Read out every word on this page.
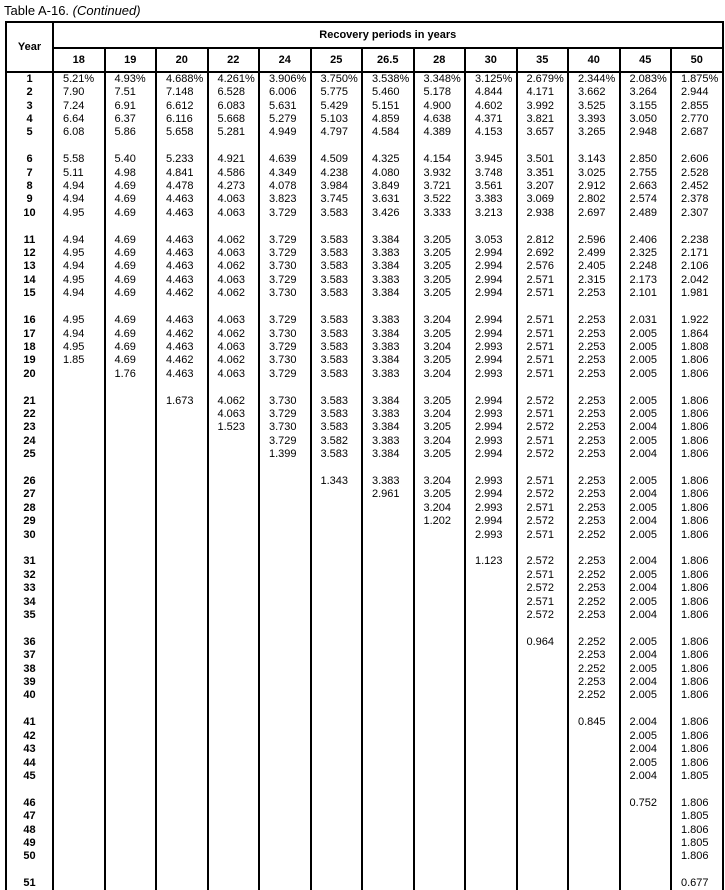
Table A-16. (Continued)
Year	Recovery periods in years												
	18	19	20	22	24	25	26.5	28	30	35	40	45	50
1	5.21%	4.93%	4.688%	4.261%	3.906%	3.750%	3.538%	3.348%	3.125%	2.679%	2.344%	2.083%	1.875%
2	7.90	7.51	7.148	6.528	6.006	5.775	5.460	5.178	4.844	4.171	3.662	3.264	2.944
3	7.24	6.91	6.612	6.083	5.631	5.429	5.151	4.900	4.602	3.992	3.525	3.155	2.855
4	6.64	6.37	6.116	5.668	5.279	5.103	4.859	4.638	4.371	3.821	3.393	3.050	2.770
5	6.08	5.86	5.658	5.281	4.949	4.797	4.584	4.389	4.153	3.657	3.265	2.948	2.687

6	5.58	5.40	5.233	4.921	4.639	4.509	4.325	4.154	3.945	3.501	3.143	2.850	2.606
7	5.11	4.98	4.841	4.586	4.349	4.238	4.080	3.932	3.748	3.351	3.025	2.755	2.528
8	4.94	4.69	4.478	4.273	4.078	3.984	3.849	3.721	3.561	3.207	2.912	2.663	2.452
9	4.94	4.69	4.463	4.063	3.823	3.745	3.631	3.522	3.383	3.069	2.802	2.574	2.378
10	4.95	4.69	4.463	4.063	3.729	3.583	3.426	3.333	3.213	2.938	2.697	2.489	2.307

11	4.94	4.69	4.463	4.062	3.729	3.583	3.384	3.205	3.053	2.812	2.596	2.406	2.238
12	4.95	4.69	4.463	4.063	3.729	3.583	3.383	3.205	2.994	2.692	2.499	2.325	2.171
13	4.94	4.69	4.463	4.062	3.730	3.583	3.384	3.205	2.994	2.576	2.405	2.248	2.106
14	4.95	4.69	4.463	4.063	3.729	3.583	3.383	3.205	2.994	2.571	2.315	2.173	2.042
15	4.94	4.69	4.462	4.062	3.730	3.583	3.384	3.205	2.994	2.571	2.253	2.101	1.981

16	4.95	4.69	4.463	4.063	3.729	3.583	3.383	3.204	2.994	2.571	2.253	2.031	1.922
17	4.94	4.69	4.462	4.062	3.730	3.583	3.384	3.205	2.994	2.571	2.253	2.005	1.864
18	4.95	4.69	4.463	4.063	3.729	3.583	3.383	3.204	2.993	2.571	2.253	2.005	1.808
19	1.85	4.69	4.462	4.062	3.730	3.583	3.384	3.205	2.994	2.571	2.253	2.005	1.806
20		1.76	4.463	4.063	3.729	3.583	3.383	3.204	2.993	2.571	2.253	2.005	1.806

21			1.673	4.062	3.730	3.583	3.384	3.205	2.994	2.572	2.253	2.005	1.806
22				4.063	3.729	3.583	3.383	3.204	2.993	2.571	2.253	2.005	1.806
23				1.523	3.730	3.583	3.384	3.205	2.994	2.572	2.253	2.004	1.806
24					3.729	3.582	3.383	3.204	2.993	2.571	2.253	2.005	1.806
25					1.399	3.583	3.384	3.205	2.994	2.572	2.253	2.004	1.806

26						1.343	3.383	3.204	2.993	2.571	2.253	2.005	1.806
27							2.961	3.205	2.994	2.572	2.253	2.004	1.806
28								3.204	2.993	2.571	2.253	2.005	1.806
29								1.202	2.994	2.572	2.253	2.004	1.806
30									2.993	2.571	2.252	2.005	1.806

31									1.123	2.572	2.253	2.004	1.806
32										2.571	2.252	2.005	1.806
33										2.572	2.253	2.004	1.806
34										2.571	2.252	2.005	1.806
35										2.572	2.253	2.004	1.806

36										0.964	2.252	2.005	1.806
37											2.253	2.004	1.806
38											2.252	2.005	1.806
39											2.253	2.004	1.806
40											2.252	2.005	1.806

41											0.845	2.004	1.806
42												2.005	1.806
43												2.004	1.806
44												2.005	1.806
45												2.004	1.805

46												0.752	1.806
47													1.805
48													1.806
49													1.805
50													1.806

51													0.677
